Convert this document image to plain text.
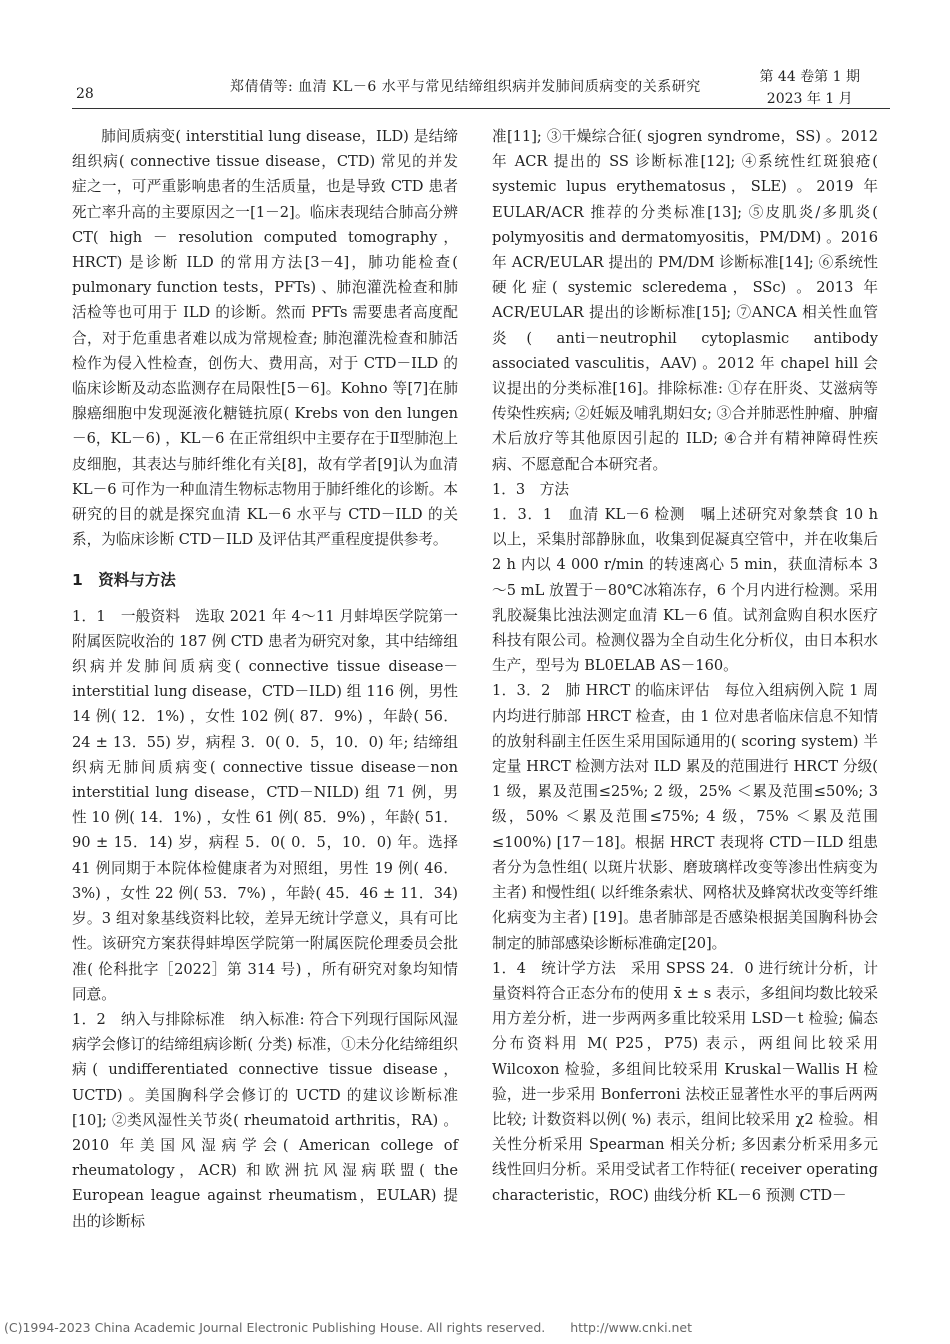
28	郑倩倩等: 血清 KL－6 水平与常见结缔组织病并发肺间质病变的关系研究
第 44 卷第 1 期
2023 年 1 月

肺间质病变( interstitial lung disease，ILD) 是结缔组织病( connective tissue disease，CTD) 常见的并发症之一，可严重影响患者的生活质量，也是导致 CTD 患者死亡率升高的主要原因之一[1－2]。临床表现结合肺高分辨 CT( high － resolution computed tomography，HRCT) 是诊断 ILD 的常用方法[3－4]，肺功能检查( pulmonary function tests，PFTs) 、肺泡灌洗检查和肺活检等也可用于 ILD 的诊断。然而 PFTs 需要患者高度配合，对于危重患者难以成为常规检查; 肺泡灌洗检查和肺活检作为侵入性检查，创伤大、费用高，对于 CTD－ILD 的临床诊断及动态监测存在局限性[5－6]。Kohno 等[7]在肺腺癌细胞中发现涎液化糖链抗原( Krebs von den lungen－6，KL－6) ，KL－6 在正常组织中主要存在于Ⅱ型肺泡上皮细胞，其表达与肺纤维化有关[8]，故有学者[9]认为血清 KL－6 可作为一种血清生物标志物用于肺纤维化的诊断。本研究的目的就是探究血清 KL－6 水平与 CTD－ILD 的关系，为临床诊断 CTD－ILD 及评估其严重程度提供参考。

1　资料与方法

1．1　一般资料　选取 2021 年 4～11 月蚌埠医学院第一附属医院收治的 187 例 CTD 患者为研究对象，其中结缔组织病并发肺间质病变( connective tissue disease－interstitial lung disease，CTD－ILD) 组 116 例，男性 14 例( 12．1%) ，女性 102 例( 87．9%) ，年龄( 56．24 ± 13．55) 岁，病程 3．0( 0．5，10．0) 年; 结缔组织病无肺间质病变( connective tissue disease－non interstitial lung disease，CTD－NILD) 组 71 例，男性 10 例( 14．1%) ，女性 61 例( 85．9%) ，年龄( 51．90 ± 15．14) 岁，病程 5．0( 0．5，10．0) 年。选择 41 例同期于本院体检健康者为对照组，男性 19 例( 46．3%) ，女性 22 例( 53．7%) ，年龄( 45．46 ± 11．34) 岁。3 组对象基线资料比较，差异无统计学意义，具有可比性。该研究方案获得蚌埠医学院第一附属医院伦理委员会批准( 伦科批字［2022］第 314 号) ，所有研究对象均知情同意。

1．2　纳入与排除标准　纳入标准: 符合下列现行国际风湿病学会修订的结缔组病诊断( 分类) 标准，①未分化结缔组织病( undifferentiated connective tissue disease，UCTD) 。美国胸科学会修订的 UCTD 的建议诊断标准[10]; ②类风湿性关节炎( rheumatoid arthritis，RA) 。2010 年美国风湿病学会( American college of rheumatology，ACR) 和欧洲抗风湿病联盟( the European league against rheumatism，EULAR) 提出的诊断标

准[11]; ③干燥综合征( sjogren syndrome，SS) 。2012 年 ACR 提出的 SS 诊断标准[12]; ④系统性红斑狼疮( systemic lupus erythematosus，SLE) 。2019 年 EULAR/ACR 推荐的分类标准[13]; ⑤皮肌炎/多肌炎( polymyositis and dermatomyositis，PM/DM) 。2016 年 ACR/EULAR 提出的 PM/DM 诊断标准[14]; ⑥系统性硬化症( systemic scleredema，SSc) 。2013 年 ACR/EULAR 提出的诊断标准[15]; ⑦ANCA 相关性血管炎( anti－neutrophil cytoplasmic antibody associated vasculitis，AAV) 。2012 年 chapel hill 会议提出的分类标准[16]。排除标准: ①存在肝炎、艾滋病等传染性疾病; ②妊娠及哺乳期妇女; ③合并肺恶性肿瘤、肿瘤术后放疗等其他原因引起的 ILD; ④合并有精神障碍性疾病、不愿意配合本研究者。

1．3　方法

1．3．1　血清 KL－6 检测　嘱上述研究对象禁食 10 h 以上，采集肘部静脉血，收集到促凝真空管中，并在收集后 2 h 内以 4 000 r/min 的转速离心 5 min，获血清标本 3～5 mL 放置于－80℃冰箱冻存，6 个月内进行检测。采用乳胶凝集比浊法测定血清 KL－6 值。试剂盒购自积水医疗科技有限公司。检测仪器为全自动生化分析仪，由日本积水生产，型号为 BL0ELAB AS－160。

1．3．2　肺 HRCT 的临床评估　每位入组病例入院 1 周内均进行肺部 HRCT 检查，由 1 位对患者临床信息不知情的放射科副主任医生采用国际通用的( scoring system) 半定量 HRCT 检测方法对 ILD 累及的范围进行 HRCT 分级( 1 级，累及范围≤25%; 2 级，25% ＜累及范围≤50%; 3 级，50% ＜累及范围≤75%; 4 级，75% ＜累及范围≤100%) [17－18]。根据 HRCT 表现将 CTD－ILD 组患者分为急性组( 以斑片状影、磨玻璃样改变等渗出性病变为主者) 和慢性组( 以纤维条索状、网格状及蜂窝状改变等纤维化病变为主者) [19]。患者肺部是否感染根据美国胸科协会制定的肺部感染诊断标准确定[20]。

1．4　统计学方法　采用 SPSS 24．0 进行统计分析，计量资料符合正态分布的使用 x̄ ± s 表示，多组间均数比较采用方差分析，进一步两两多重比较采用 LSD－t 检验; 偏态分布资料用 M( P25，P75) 表示，两组间比较采用 Wilcoxon 检验，多组间比较采用 Kruskal－Wallis H 检验，进一步采用 Bonferroni 法校正显著性水平的事后两两比较; 计数资料以例( %) 表示，组间比较采用 χ2 检验。相关性分析采用 Spearman 相关分析; 多因素分析采用多元线性回归分析。采用受试者工作特征( receiver operating characteristic，ROC) 曲线分析 KL－6 预测 CTD－

(C)1994-2023 China Academic Journal Electronic Publishing House. All rights reserved.　　http://www.cnki.net
